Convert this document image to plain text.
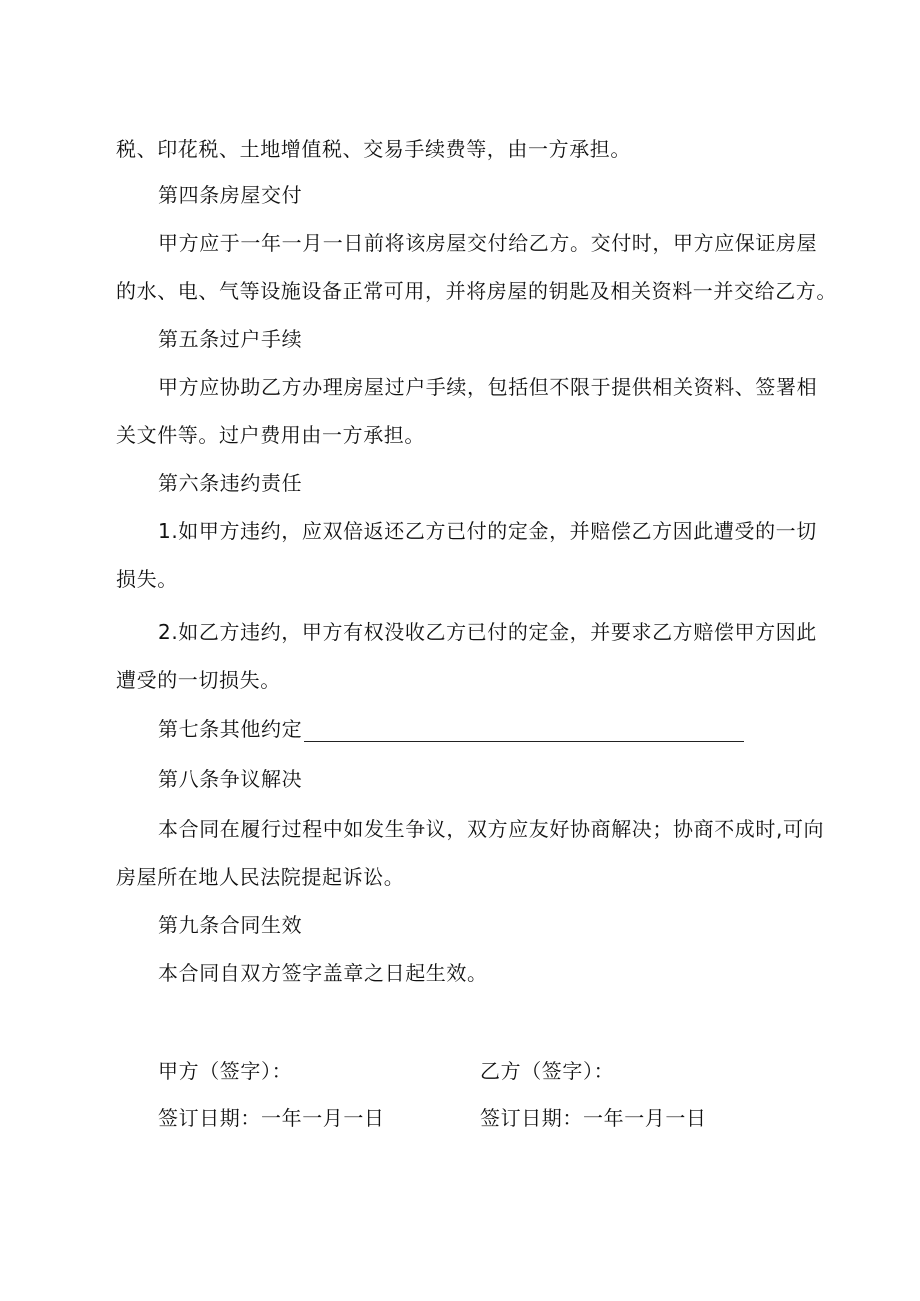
税、印花税、土地增值税、交易手续费等，由一方承担。
第四条房屋交付
甲方应于一年一月一日前将该房屋交付给乙方。交付时，甲方应保证房屋
的水、电、气等设施设备正常可用，并将房屋的钥匙及相关资料一并交给乙方。
第五条过户手续
甲方应协助乙方办理房屋过户手续，包括但不限于提供相关资料、签署相
关文件等。过户费用由一方承担。
第六条违约责任
1.如甲方违约，应双倍返还乙方已付的定金，并赔偿乙方因此遭受的一切
损失。
2.如乙方违约，甲方有权没收乙方已付的定金，并要求乙方赔偿甲方因此
遭受的一切损失。
第七条其他约定
第八条争议解决
本合同在履行过程中如发生争议，双方应友好协商解决；协商不成时,可向
房屋所在地人民法院提起诉讼。
第九条合同生效
本合同自双方签字盖章之日起生效。
甲方（签字）：	乙方（签字）：
签订日期：一年一月一日	签订日期：一年一月一日
